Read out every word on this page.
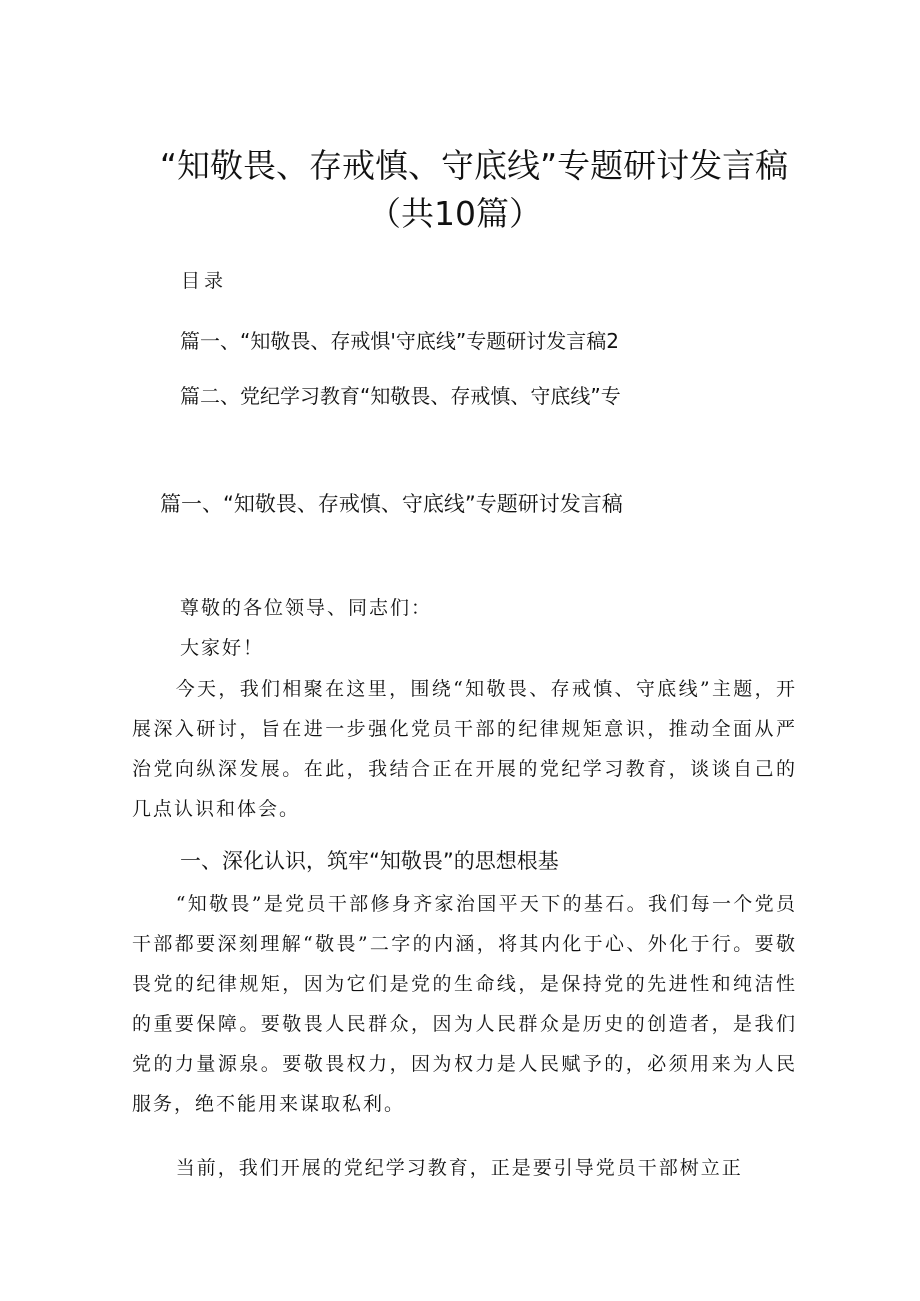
“知敬畏、存戒慎、守底线”专题研讨发言稿
（共10篇）
目录
篇一、“知敬畏、存戒惧'守底线”专题研讨发言稿2
篇二、党纪学习教育“知敬畏、存戒慎、守底线”专
篇一、“知敬畏、存戒慎、守底线”专题研讨发言稿
尊敬的各位领导、同志们：
大家好！
今天，我们相聚在这里，围绕“知敬畏、存戒慎、守底线”主题，开展深入研讨，旨在进一步强化党员干部的纪律规矩意识，推动全面从严治党向纵深发展。在此，我结合正在开展的党纪学习教育，谈谈自己的几点认识和体会。
一、深化认识，筑牢“知敬畏”的思想根基
“知敬畏”是党员干部修身齐家治国平天下的基石。我们每一个党员干部都要深刻理解“敬畏”二字的内涵，将其内化于心、外化于行。要敬畏党的纪律规矩，因为它们是党的生命线，是保持党的先进性和纯洁性的重要保障。要敬畏人民群众，因为人民群众是历史的创造者，是我们党的力量源泉。要敬畏权力，因为权力是人民赋予的，必须用来为人民服务，绝不能用来谋取私利。
当前，我们开展的党纪学习教育，正是要引导党员干部树立正
